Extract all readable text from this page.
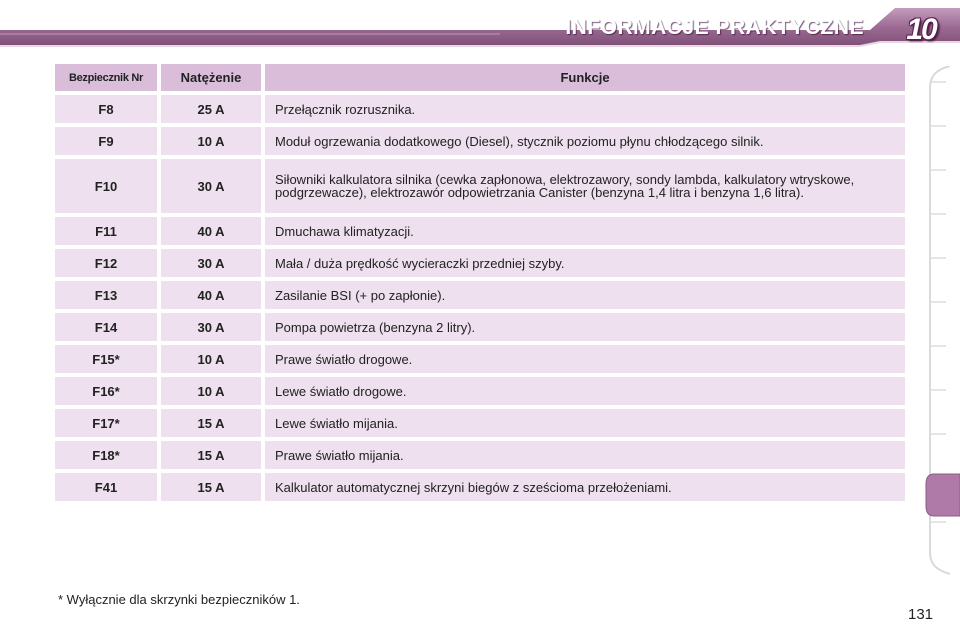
INFORMACJE PRAKTYCZNE 10
Bezpiecznik Nr	Natężenie	Funkcje
F8	25 A	Przełącznik rozrusznika.
F9	10 A	Moduł ogrzewania dodatkowego (Diesel), stycznik poziomu płynu chłodzącego silnik.
F10	30 A	Siłowniki kalkulatora silnika (cewka zapłonowa, elektrozawory, sondy lambda, kalkulatory wtryskowe, podgrzewacze), elektrozawór odpowietrzania Canister (benzyna 1,4 litra i benzyna 1,6 litra).
F11	40 A	Dmuchawa klimatyzacji.
F12	30 A	Mała / duża prędkość wycieraczki przedniej szyby.
F13	40 A	Zasilanie BSI (+ po zapłonie).
F14	30 A	Pompa powietrza (benzyna 2 litry).
F15*	10 A	Prawe światło drogowe.
F16*	10 A	Lewe światło drogowe.
F17*	15 A	Lewe światło mijania.
F18*	15 A	Prawe światło mijania.
F41	15 A	Kalkulator automatycznej skrzyni biegów z sześcioma przełożeniami.
* Wyłącznie dla skrzynki bezpieczników 1.
131
